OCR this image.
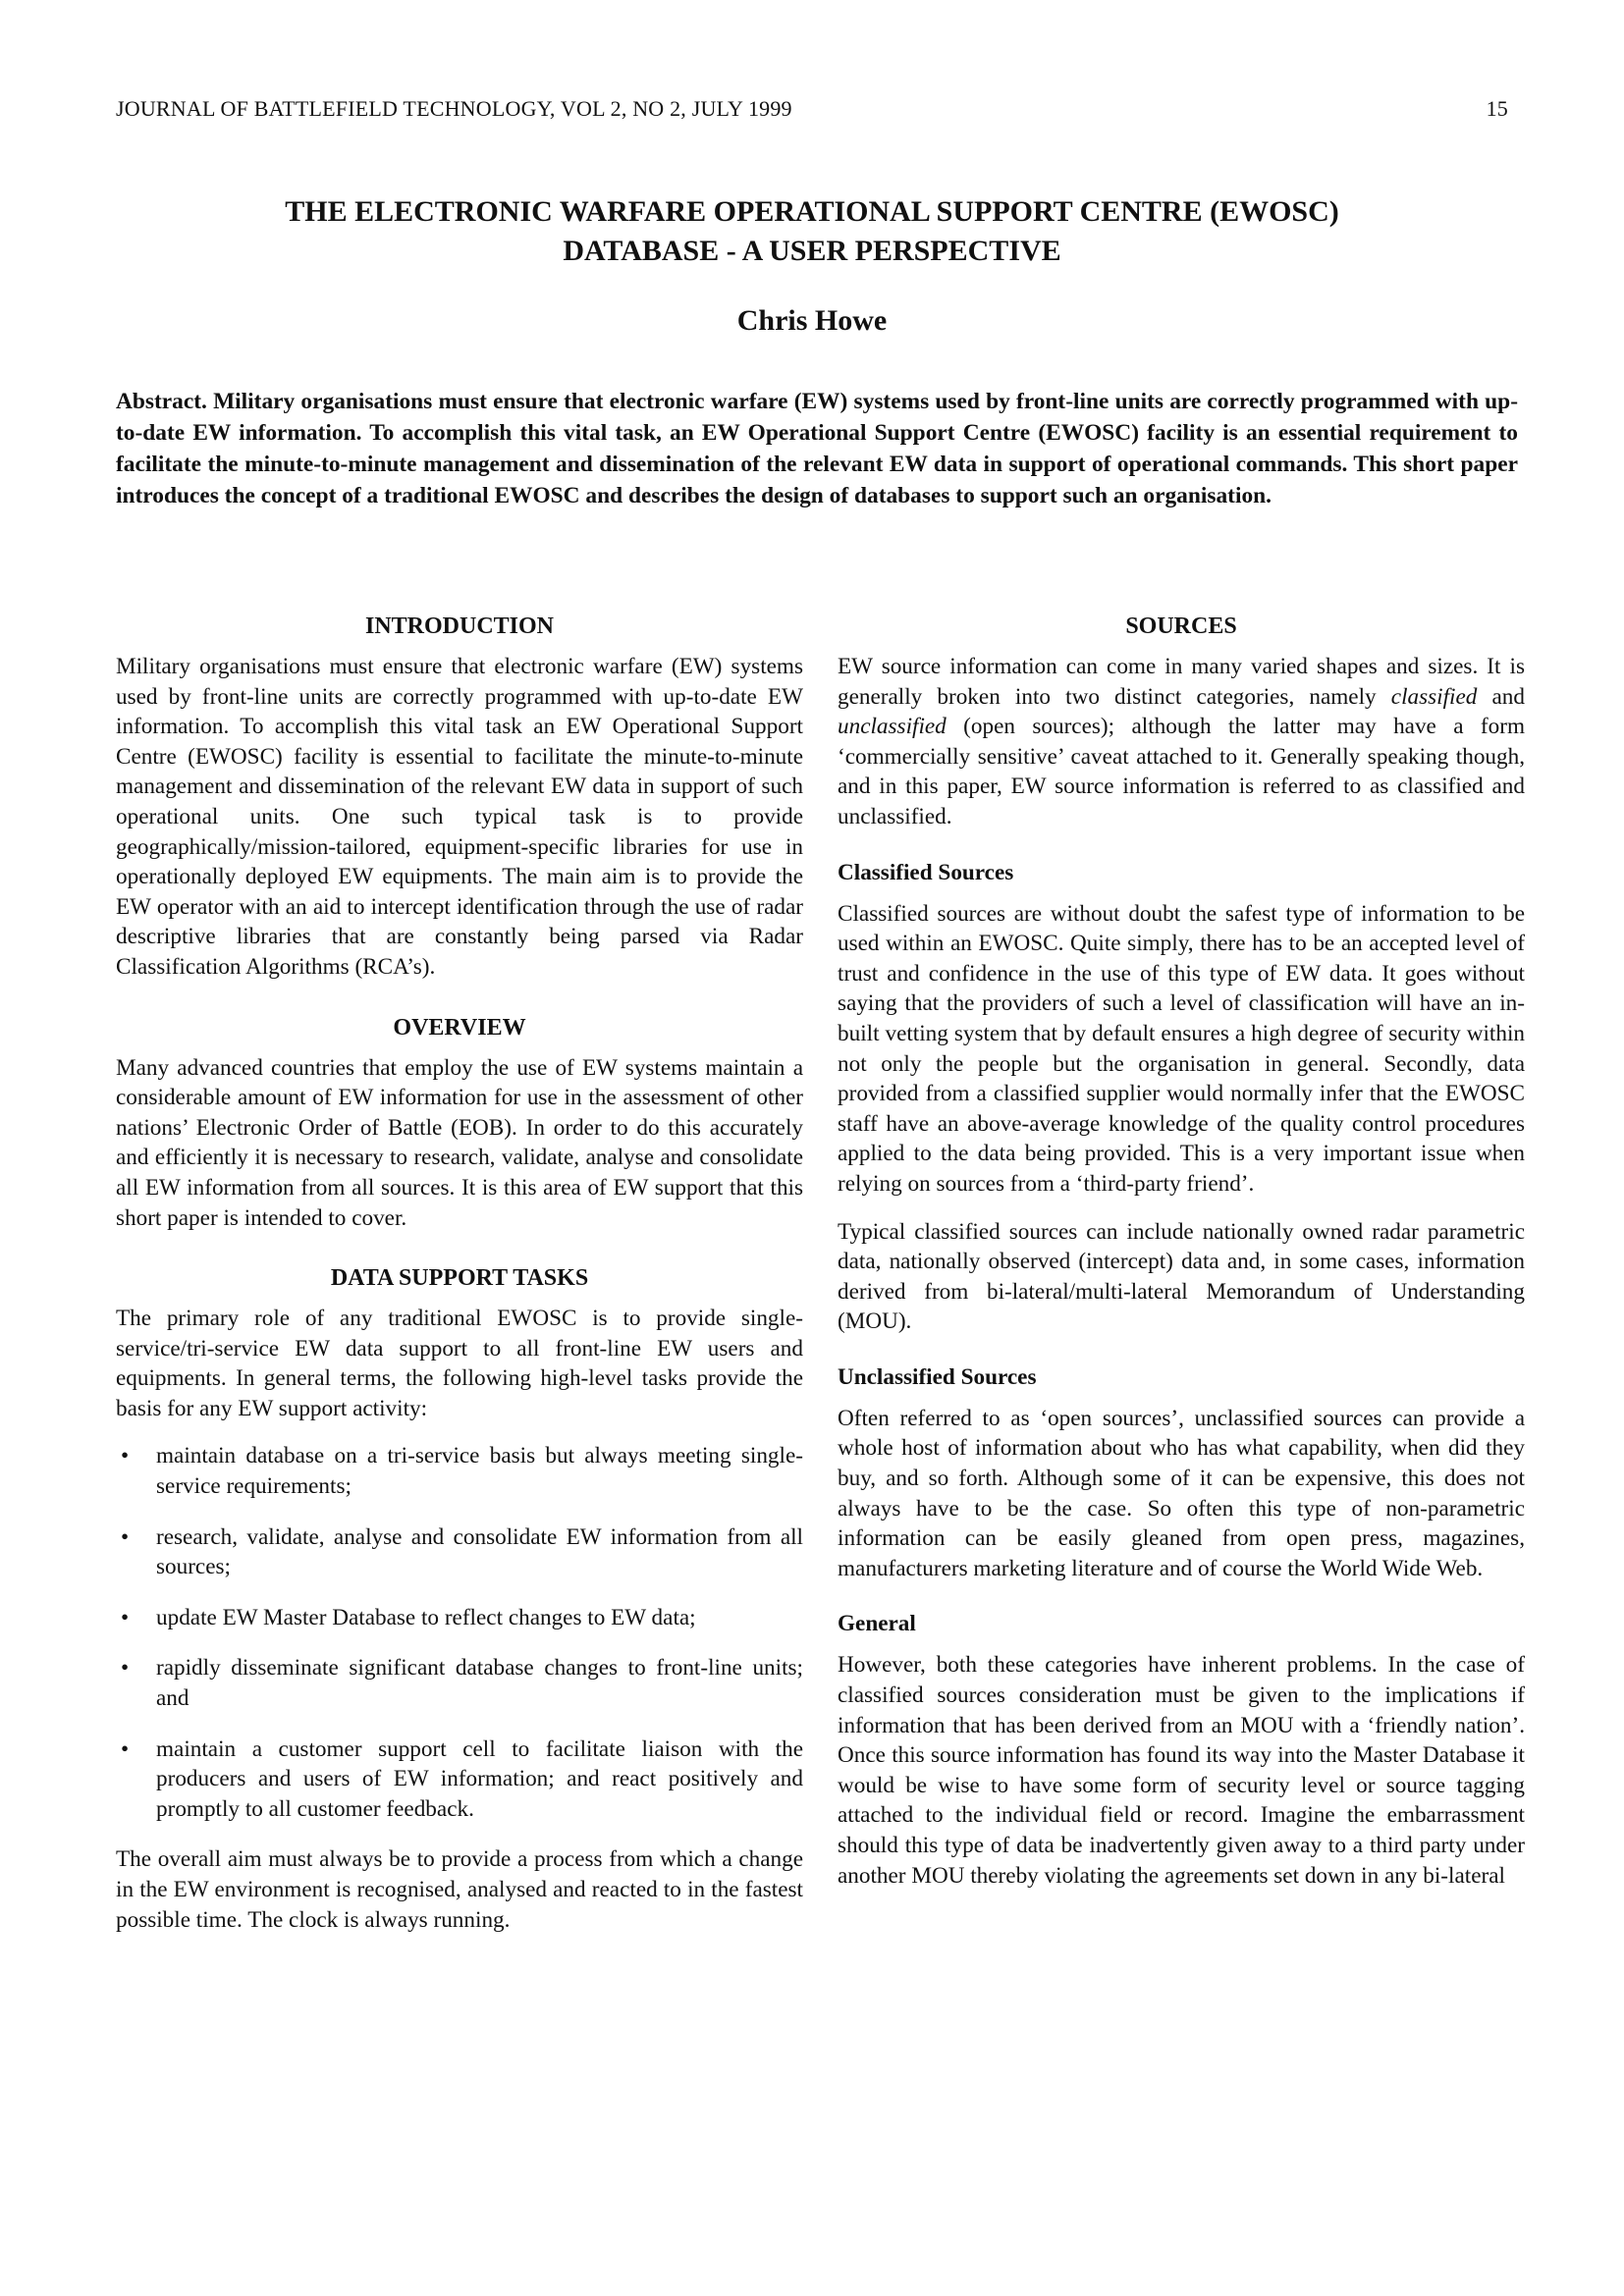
JOURNAL OF BATTLEFIELD TECHNOLOGY, VOL 2, NO 2, JULY 1999	15
THE ELECTRONIC WARFARE OPERATIONAL SUPPORT CENTRE (EWOSC)
DATABASE - A USER PERSPECTIVE
Chris Howe
Abstract. Military organisations must ensure that electronic warfare (EW) systems used by front-line units are correctly programmed with up-to-date EW information. To accomplish this vital task, an EW Operational Support Centre (EWOSC) facility is an essential requirement to facilitate the minute-to-minute management and dissemination of the relevant EW data in support of operational commands. This short paper introduces the concept of a traditional EWOSC and describes the design of databases to support such an organisation.
INTRODUCTION

Military organisations must ensure that electronic warfare (EW) systems used by front-line units are correctly programmed with up-to-date EW information. To accomplish this vital task an EW Operational Support Centre (EWOSC) facility is essential to facilitate the minute-to-minute management and dissemination of the relevant EW data in support of such operational units. One such typical task is to provide geographically/mission-tailored, equipment-specific libraries for use in operationally deployed EW equipments. The main aim is to provide the EW operator with an aid to intercept identification through the use of radar descriptive libraries that are constantly being parsed via Radar Classification Algorithms (RCA’s).

OVERVIEW

Many advanced countries that employ the use of EW systems maintain a considerable amount of EW information for use in the assessment of other nations’ Electronic Order of Battle (EOB). In order to do this accurately and efficiently it is necessary to research, validate, analyse and consolidate all EW information from all sources. It is this area of EW support that this short paper is intended to cover.

DATA SUPPORT TASKS

The primary role of any traditional EWOSC is to provide single-service/tri-service EW data support to all front-line EW users and equipments. In general terms, the following high-level tasks provide the basis for any EW support activity:

• maintain database on a tri-service basis but always meeting single-service requirements;
• research, validate, analyse and consolidate EW information from all sources;
• update EW Master Database to reflect changes to EW data;
• rapidly disseminate significant database changes to front-line units; and
• maintain a customer support cell to facilitate liaison with the producers and users of EW information; and react positively and promptly to all customer feedback.

The overall aim must always be to provide a process from which a change in the EW environment is recognised, analysed and reacted to in the fastest possible time. The clock is always running.

SOURCES

EW source information can come in many varied shapes and sizes. It is generally broken into two distinct categories, namely classified and unclassified (open sources); although the latter may have a form ‘commercially sensitive’ caveat attached to it. Generally speaking though, and in this paper, EW source information is referred to as classified and unclassified.

Classified Sources

Classified sources are without doubt the safest type of information to be used within an EWOSC. Quite simply, there has to be an accepted level of trust and confidence in the use of this type of EW data. It goes without saying that the providers of such a level of classification will have an in-built vetting system that by default ensures a high degree of security within not only the people but the organisation in general. Secondly, data provided from a classified supplier would normally infer that the EWOSC staff have an above-average knowledge of the quality control procedures applied to the data being provided. This is a very important issue when relying on sources from a ‘third-party friend’.

Typical classified sources can include nationally owned radar parametric data, nationally observed (intercept) data and, in some cases, information derived from bi-lateral/multi-lateral Memorandum of Understanding (MOU).

Unclassified Sources

Often referred to as ‘open sources’, unclassified sources can provide a whole host of information about who has what capability, when did they buy, and so forth. Although some of it can be expensive, this does not always have to be the case. So often this type of non-parametric information can be easily gleaned from open press, magazines, manufacturers marketing literature and of course the World Wide Web.

General

However, both these categories have inherent problems. In the case of classified sources consideration must be given to the implications if information that has been derived from an MOU with a ‘friendly nation’. Once this source information has found its way into the Master Database it would be wise to have some form of security level or source tagging attached to the individual field or record. Imagine the embarrassment should this type of data be inadvertently given away to a third party under another MOU thereby violating the agreements set down in any bi-lateral
